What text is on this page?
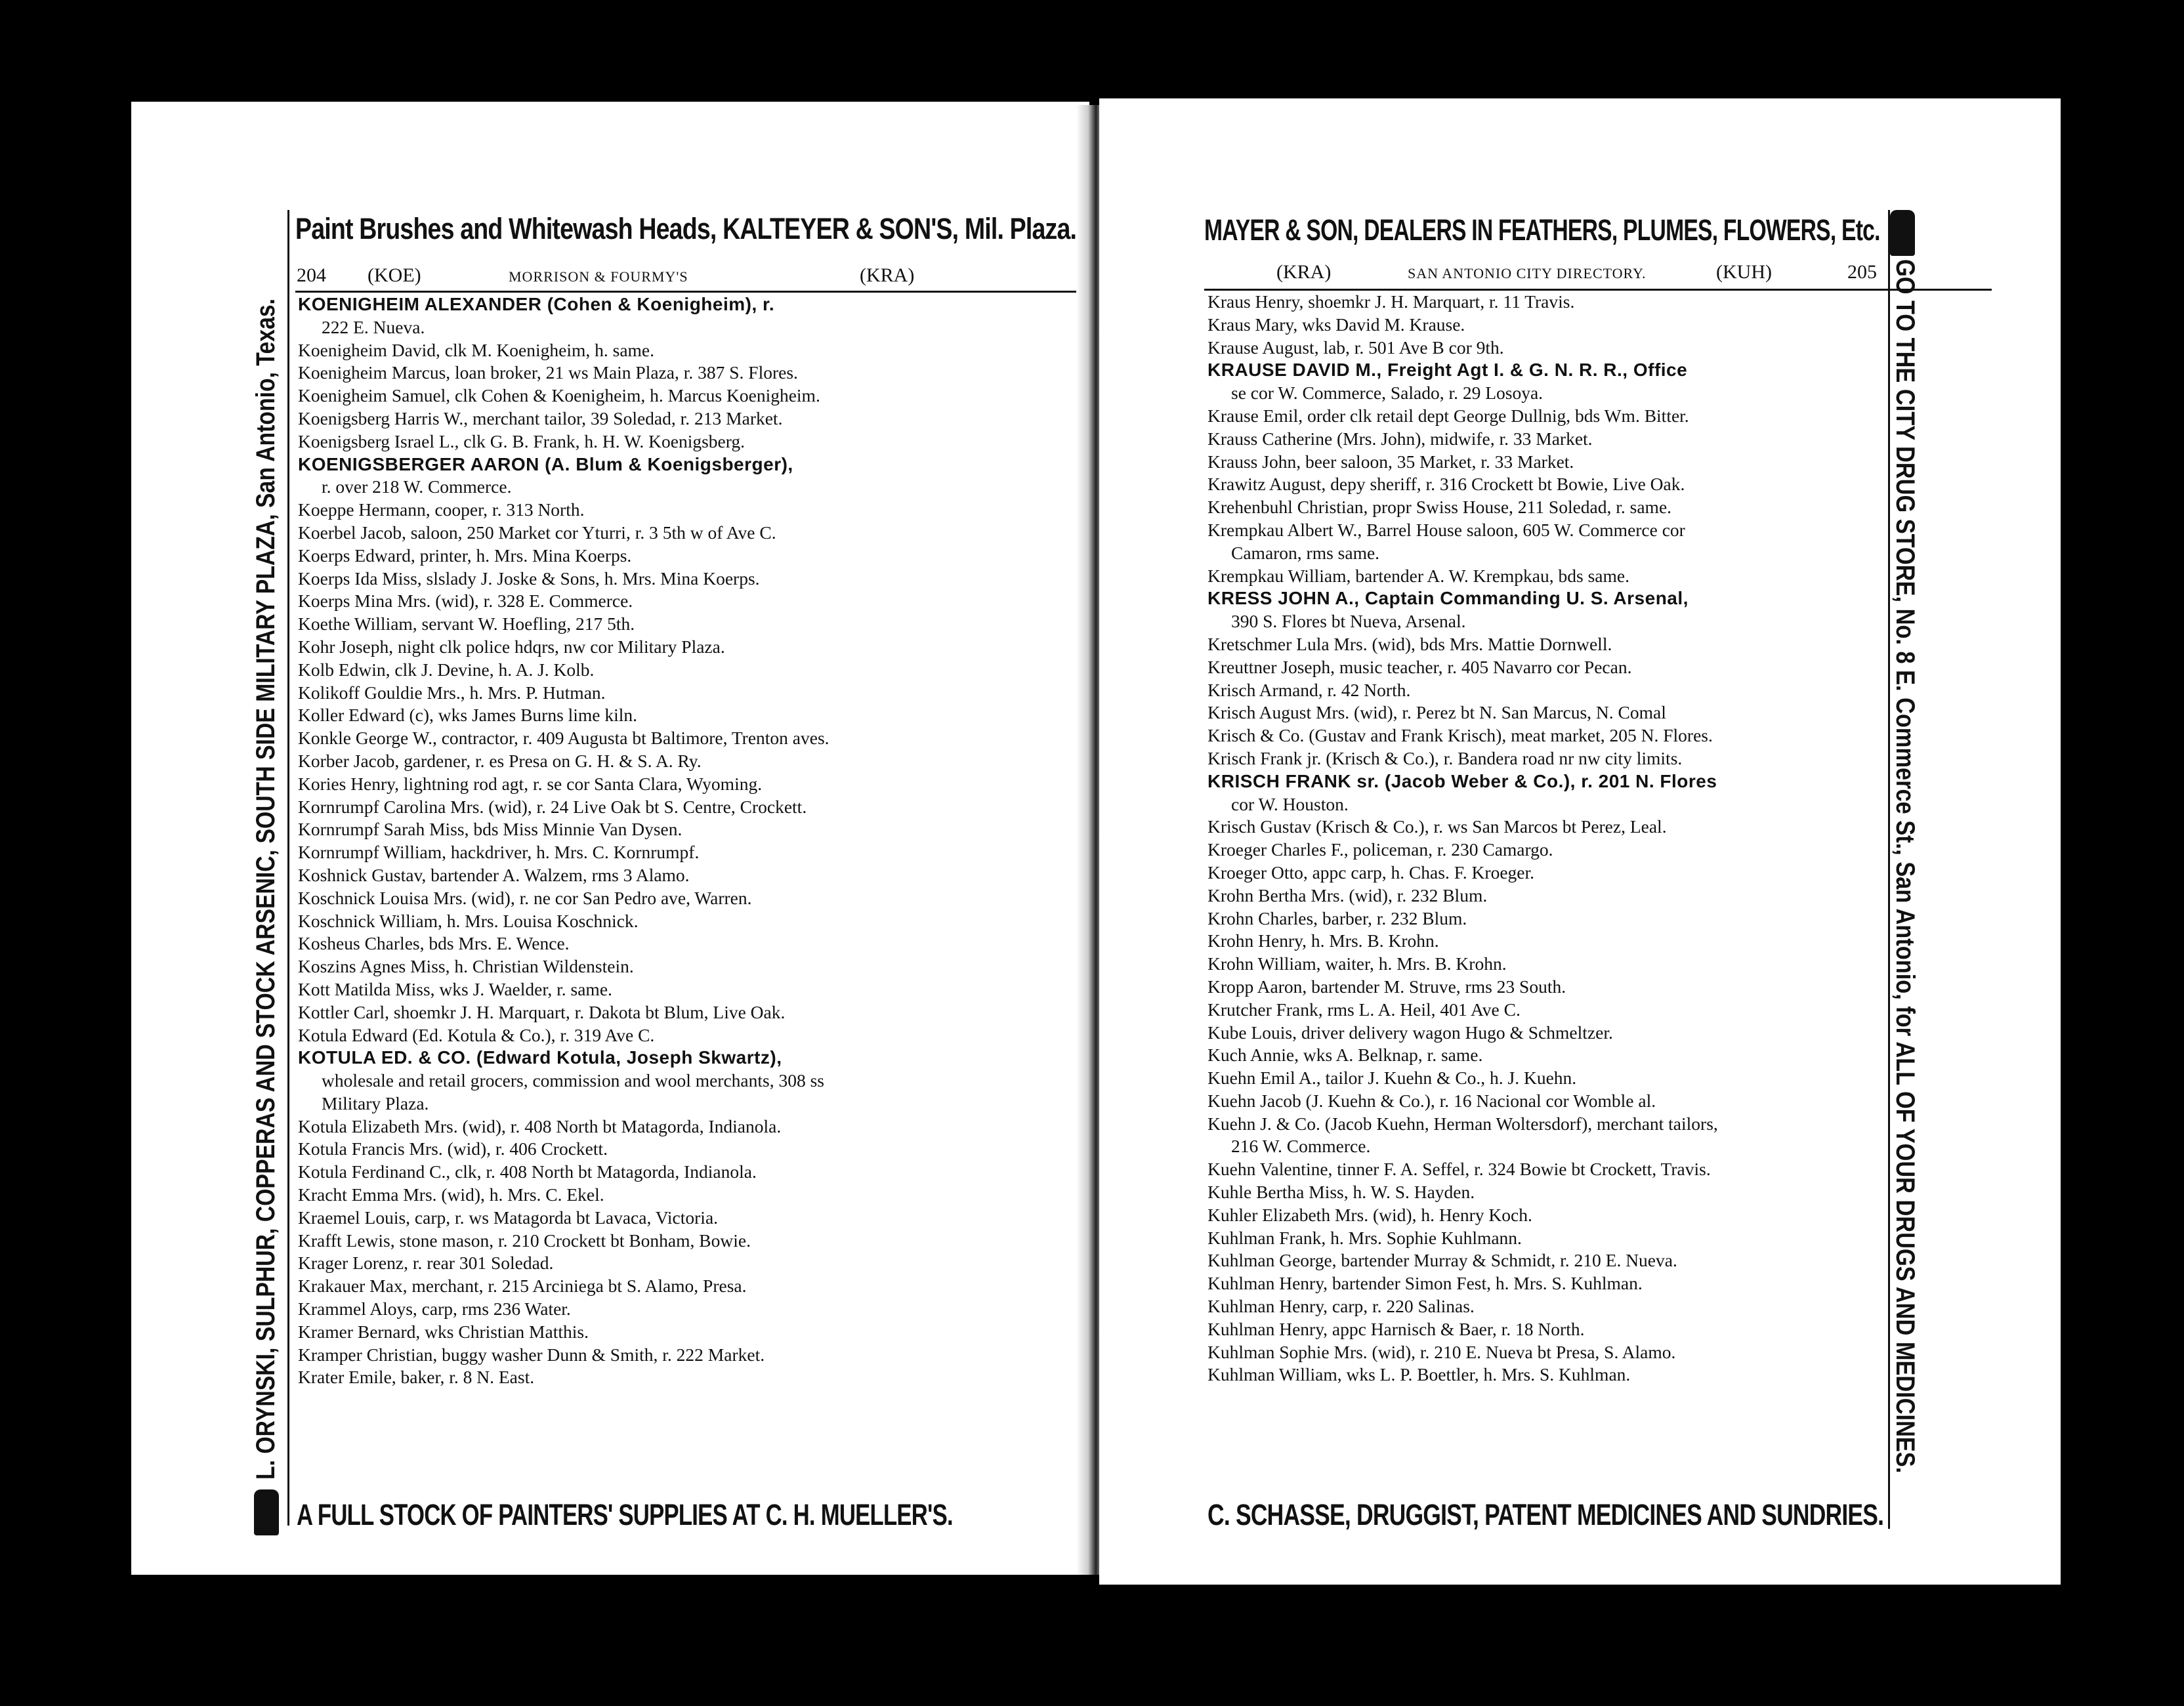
Paint Brushes and Whitewash Heads, KALTEYER & SON'S, Mil. Plaza.
204 (KOE)	MORRISON & FOURMY'S	(KRA)
KOENIGHEIM ALEXANDER (Cohen & Koenigheim), r.
222 E. Nueva.
Koenigheim David, clk M. Koenigheim, h. same.
Koenigheim Marcus, loan broker, 21 ws Main Plaza, r. 387 S. Flores.
Koenigheim Samuel, clk Cohen & Koenigheim, h. Marcus Koenigheim.
Koenigsberg Harris W., merchant tailor, 39 Soledad, r. 213 Market.
Koenigsberg Israel L., clk G. B. Frank, h. H. W. Koenigsberg.
KOENIGSBERGER AARON (A. Blum & Koenigsberger),
r. over 218 W. Commerce.
Koeppe Hermann, cooper, r. 313 North.
Koerbel Jacob, saloon, 250 Market cor Yturri, r. 3 5th w of Ave C.
Koerps Edward, printer, h. Mrs. Mina Koerps.
Koerps Ida Miss, slslady J. Joske & Sons, h. Mrs. Mina Koerps.
Koerps Mina Mrs. (wid), r. 328 E. Commerce.
Koethe William, servant W. Hoefling, 217 5th.
Kohr Joseph, night clk police hdqrs, nw cor Military Plaza.
Kolb Edwin, clk J. Devine, h. A. J. Kolb.
Kolikoff Gouldie Mrs., h. Mrs. P. Hutman.
Koller Edward (c), wks James Burns lime kiln.
Konkle George W., contractor, r. 409 Augusta bt Baltimore, Trenton aves.
Korber Jacob, gardener, r. es Presa on G. H. & S. A. Ry.
Kories Henry, lightning rod agt, r. se cor Santa Clara, Wyoming.
Kornrumpf Carolina Mrs. (wid), r. 24 Live Oak bt S. Centre, Crockett.
Kornrumpf Sarah Miss, bds Miss Minnie Van Dysen.
Kornrumpf William, hackdriver, h. Mrs. C. Kornrumpf.
Koshnick Gustav, bartender A. Walzem, rms 3 Alamo.
Koschnick Louisa Mrs. (wid), r. ne cor San Pedro ave, Warren.
Koschnick William, h. Mrs. Louisa Koschnick.
Kosheus Charles, bds Mrs. E. Wence.
Koszins Agnes Miss, h. Christian Wildenstein.
Kott Matilda Miss, wks J. Waelder, r. same.
Kottler Carl, shoemkr J. H. Marquart, r. Dakota bt Blum, Live Oak.
Kotula Edward (Ed. Kotula & Co.), r. 319 Ave C.
KOTULA ED. & CO. (Edward Kotula, Joseph Skwartz),
wholesale and retail grocers, commission and wool merchants, 308 ss
Military Plaza.
Kotula Elizabeth Mrs. (wid), r. 408 North bt Matagorda, Indianola.
Kotula Francis Mrs. (wid), r. 406 Crockett.
Kotula Ferdinand C., clk, r. 408 North bt Matagorda, Indianola.
Kracht Emma Mrs. (wid), h. Mrs. C. Ekel.
Kraemel Louis, carp, r. ws Matagorda bt Lavaca, Victoria.
Krafft Lewis, stone mason, r. 210 Crockett bt Bonham, Bowie.
Krager Lorenz, r. rear 301 Soledad.
Krakauer Max, merchant, r. 215 Arciniega bt S. Alamo, Presa.
Krammel Aloys, carp, rms 236 Water.
Kramer Bernard, wks Christian Matthis.
Kramper Christian, buggy washer Dunn & Smith, r. 222 Market.
Krater Emile, baker, r. 8 N. East.
A FULL STOCK OF PAINTERS' SUPPLIES AT C. H. MUELLER'S.
L. ORYNSKI, SULPHUR, COPPERAS AND STOCK ARSENIC, SOUTH SIDE MILITARY PLAZA, San Antonio, Texas.
MAYER & SON, DEALERS IN FEATHERS, PLUMES, FLOWERS, Etc.
(KRA)	SAN ANTONIO CITY DIRECTORY.	(KUH)	205
Kraus Henry, shoemkr J. H. Marquart, r. 11 Travis.
Kraus Mary, wks David M. Krause.
Krause August, lab, r. 501 Ave B cor 9th.
KRAUSE DAVID M., Freight Agt I. & G. N. R. R., Office
se cor W. Commerce, Salado, r. 29 Losoya.
Krause Emil, order clk retail dept George Dullnig, bds Wm. Bitter.
Krauss Catherine (Mrs. John), midwife, r. 33 Market.
Krauss John, beer saloon, 35 Market, r. 33 Market.
Krawitz August, depy sheriff, r. 316 Crockett bt Bowie, Live Oak.
Krehenbuhl Christian, propr Swiss House, 211 Soledad, r. same.
Krempkau Albert W., Barrel House saloon, 605 W. Commerce cor
Camaron, rms same.
Krempkau William, bartender A. W. Krempkau, bds same.
KRESS JOHN A., Captain Commanding U. S. Arsenal,
390 S. Flores bt Nueva, Arsenal.
Kretschmer Lula Mrs. (wid), bds Mrs. Mattie Dornwell.
Kreuttner Joseph, music teacher, r. 405 Navarro cor Pecan.
Krisch Armand, r. 42 North.
Krisch August Mrs. (wid), r. Perez bt N. San Marcus, N. Comal
Krisch & Co. (Gustav and Frank Krisch), meat market, 205 N. Flores.
Krisch Frank jr. (Krisch & Co.), r. Bandera road nr nw city limits.
KRISCH FRANK sr. (Jacob Weber & Co.), r. 201 N. Flores
cor W. Houston.
Krisch Gustav (Krisch & Co.), r. ws San Marcos bt Perez, Leal.
Kroeger Charles F., policeman, r. 230 Camargo.
Kroeger Otto, appc carp, h. Chas. F. Kroeger.
Krohn Bertha Mrs. (wid), r. 232 Blum.
Krohn Charles, barber, r. 232 Blum.
Krohn Henry, h. Mrs. B. Krohn.
Krohn William, waiter, h. Mrs. B. Krohn.
Kropp Aaron, bartender M. Struve, rms 23 South.
Krutcher Frank, rms L. A. Heil, 401 Ave C.
Kube Louis, driver delivery wagon Hugo & Schmeltzer.
Kuch Annie, wks A. Belknap, r. same.
Kuehn Emil A., tailor J. Kuehn & Co., h. J. Kuehn.
Kuehn Jacob (J. Kuehn & Co.), r. 16 Nacional cor Womble al.
Kuehn J. & Co. (Jacob Kuehn, Herman Woltersdorf), merchant tailors,
216 W. Commerce.
Kuehn Valentine, tinner F. A. Seffel, r. 324 Bowie bt Crockett, Travis.
Kuhle Bertha Miss, h. W. S. Hayden.
Kuhler Elizabeth Mrs. (wid), h. Henry Koch.
Kuhlman Frank, h. Mrs. Sophie Kuhlmann.
Kuhlman George, bartender Murray & Schmidt, r. 210 E. Nueva.
Kuhlman Henry, bartender Simon Fest, h. Mrs. S. Kuhlman.
Kuhlman Henry, carp, r. 220 Salinas.
Kuhlman Henry, appc Harnisch & Baer, r. 18 North.
Kuhlman Sophie Mrs. (wid), r. 210 E. Nueva bt Presa, S. Alamo.
Kuhlman William, wks L. P. Boettler, h. Mrs. S. Kuhlman.
C. SCHASSE, DRUGGIST, PATENT MEDICINES AND SUNDRIES.
GO TO THE CITY DRUG STORE, No. 8 E. Commerce St., San Antonio, for ALL OF YOUR DRUGS AND MEDICINES.
